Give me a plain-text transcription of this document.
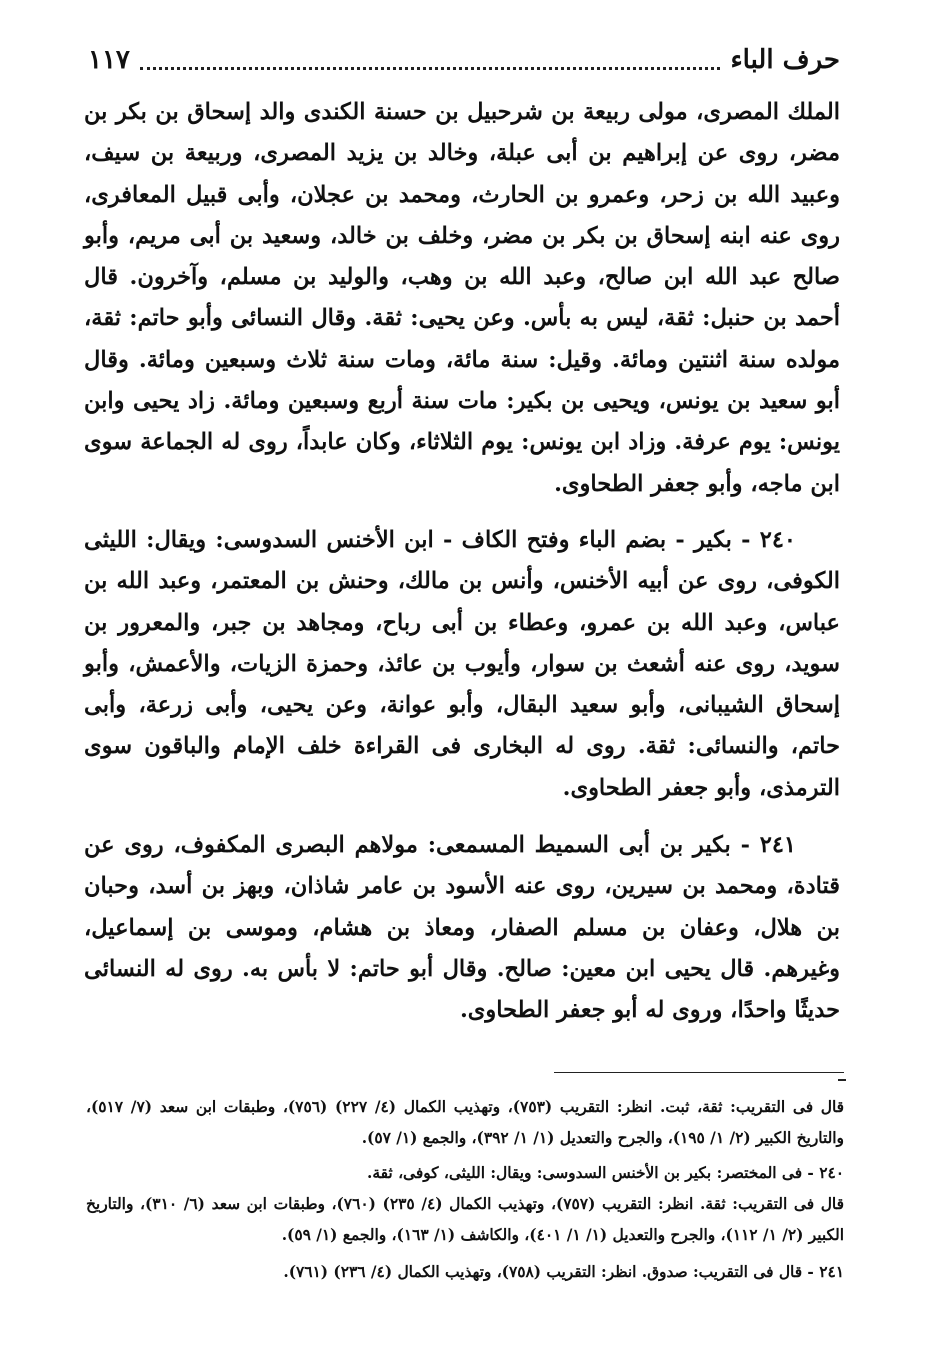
حرف الباء
١١٧

الملك المصرى، مولى ربيعة بن شرحبيل بن حسنة الكندى والد إسحاق بن بكر بن مضر، روى عن إبراهيم بن أبى عبلة، وخالد بن يزيد المصرى، وربيعة بن سيف، وعبيد الله بن زحر، وعمرو بن الحارث، ومحمد بن عجلان، وأبى قبيل المعافرى، روى عنه ابنه إسحاق بن بكر بن مضر، وخلف بن خالد، وسعيد بن أبى مريم، وأبو صالح عبد الله ابن صالح، وعبد الله بن وهب، والوليد بن مسلم، وآخرون. قال أحمد بن حنبل: ثقة، ليس به بأس. وعن يحيى: ثقة. وقال النسائى وأبو حاتم: ثقة، مولده سنة اثنتين ومائة. وقيل: سنة مائة، ومات سنة ثلاث وسبعين ومائة. وقال أبو سعيد بن يونس، ويحيى بن بكير: مات سنة أربع وسبعين ومائة. زاد يحيى وابن يونس: يوم عرفة. وزاد ابن يونس: يوم الثلاثاء، وكان عابداً، روى له الجماعة سوى ابن ماجه، وأبو جعفر الطحاوى.

٢٤٠ - بكير - بضم الباء وفتح الكاف - ابن الأخنس السدوسى: ويقال: الليثى الكوفى، روى عن أبيه الأخنس، وأنس بن مالك، وحنش بن المعتمر، وعبد الله بن عباس، وعبد الله بن عمرو، وعطاء بن أبى رباح، ومجاهد بن جبر، والمعرور بن سويد، روى عنه أشعث بن سوار، وأيوب بن عائذ، وحمزة الزيات، والأعمش، وأبو إسحاق الشيبانى، وأبو سعيد البقال، وأبو عوانة، وعن يحيى، وأبى زرعة، وأبى حاتم، والنسائى: ثقة. روى له البخارى فى القراءة خلف الإمام والباقون سوى الترمذى، وأبو جعفر الطحاوى.

٢٤١ - بكير بن أبى السميط المسمعى: مولاهم البصرى المكفوف، روى عن قتادة، ومحمد بن سيرين، روى عنه الأسود بن عامر شاذان، وبهز بن أسد، وحبان بن هلال، وعفان بن مسلم الصفار، ومعاذ بن هشام، وموسى بن إسماعيل، وغيرهم. قال يحيى ابن معين: صالح. وقال أبو حاتم: لا بأس به. روى له النسائى حديثًا واحدًا، وروى له أبو جعفر الطحاوى.

قال فى التقريب: ثقة، ثبت. انظر: التقريب (٧٥٣)، وتهذيب الكمال (٤/ ٢٢٧) (٧٥٦)، وطبقات ابن سعد (٧/ ٥١٧)، والتاريخ الكبير (٢/ ١/ ١٩٥)، والجرح والتعديل (١/ ١/ ٣٩٢)، والجمع (١/ ٥٧).

٢٤٠ - فى المختصر: بكير بن الأخنس السدوسى: ويقال: الليثى، كوفى، ثقة.

قال فى التقريب: ثقة. انظر: التقريب (٧٥٧)، وتهذيب الكمال (٤/ ٢٣٥) (٧٦٠)، وطبقات ابن سعد (٦/ ٣١٠)، والتاريخ الكبير (٢/ ١/ ١١٢)، والجرح والتعديل (١/ ١/ ٤٠١)، والكاشف (١/ ١٦٣)، والجمع (١/ ٥٩).

٢٤١ - قال فى التقريب: صدوق. انظر: التقريب (٧٥٨)، وتهذيب الكمال (٤/ ٢٣٦) (٧٦١).
